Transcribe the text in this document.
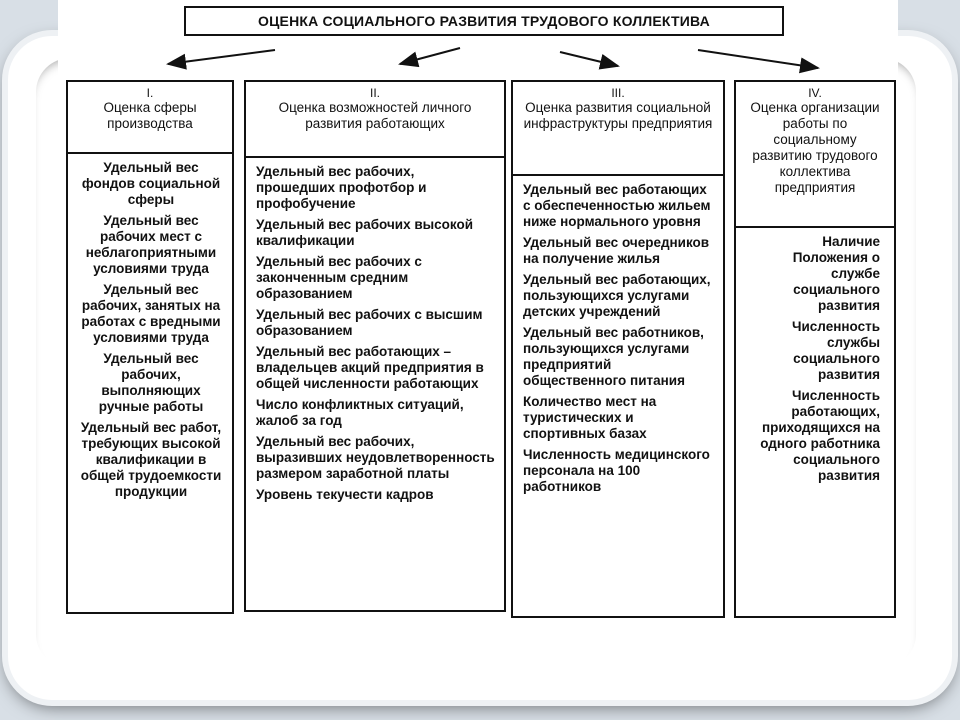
ОЦЕНКА СОЦИАЛЬНОГО РАЗВИТИЯ ТРУДОВОГО КОЛЛЕКТИВА
I.
Оценка сферы производства
Удельный вес фондов социальной сферы
Удельный вес рабочих мест с неблагоприятными условиями труда
Удельный вес рабочих, занятых на работах с вредными условиями труда
Удельный вес рабочих, выполняющих ручные работы
Удельный вес работ, требующих высокой квалификации в общей трудоемкости продукции
II.
Оценка возможностей личного развития работающих
Удельный вес рабочих, прошедших профотбор и профобучение
Удельный вес рабочих высокой квалификации
Удельный вес рабочих с законченным средним образованием
Удельный вес рабочих с высшим образованием
Удельный вес работающих – владельцев акций предприятия в общей численности работающих
Число конфликтных ситуаций, жалоб за год
Удельный вес рабочих, выразивших неудовлетворенность размером заработной платы
Уровень текучести кадров
III.
Оценка развития социальной инфраструктуры предприятия
Удельный вес работающих с обеспеченностью жильем ниже нормального уровня
Удельный вес очередников на получение жилья
Удельный вес работающих, пользующихся услугами детских учреждений
Удельный вес работников, пользующихся услугами предприятий общественного питания
Количество мест на туристических и спортивных базах
Численность медицинского персонала на 100 работников
IV.
Оценка организации работы по социальному развитию трудового коллектива предприятия
Наличие Положения о службе социального развития
Численность службы социального развития
Численность работающих, приходящихся на одного работника социального развития
